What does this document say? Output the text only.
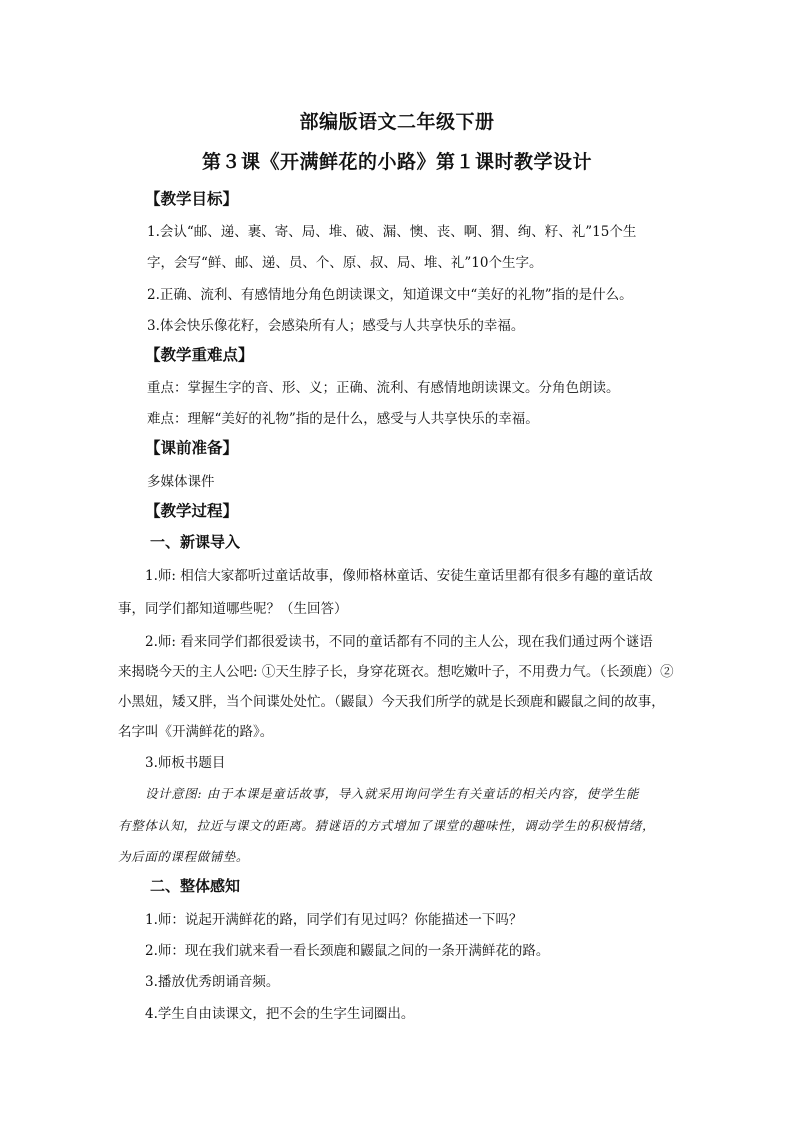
部编版语文二年级下册
第３课《开满鲜花的小路》第１课时教学设计
【教学目标】
1.会认“邮、递、裹、寄、局、堆、破、漏、懊、丧、啊、猬、绚、籽、礼”15个生
字，会写“鲜、邮、递、员、个、原、叔、局、堆、礼”10个生字。
2.正确、流利、有感情地分角色朗读课文，知道课文中“美好的礼物”指的是什么。
3.体会快乐像花籽，会感染所有人；感受与人共享快乐的幸福。
【教学重难点】
重点：掌握生字的音、形、义；正确、流利、有感情地朗读课文。分角色朗读。
难点：理解“美好的礼物”指的是什么，感受与人共享快乐的幸福。
【课前准备】
多媒体课件
【教学过程】
一、新课导入
1.师: 相信大家都听过童话故事，像师格林童话、安徒生童话里都有很多有趣的童话故
事，同学们都知道哪些呢？（生回答）
2.师: 看来同学们都很爱读书，不同的童话都有不同的主人公，现在我们通过两个谜语
来揭晓今天的主人公吧: ①天生脖子长，身穿花斑衣。想吃嫩叶子，不用费力气。（长颈鹿）②
小黑妞，矮又胖，当个间谍处处忙。（鼹鼠）今天我们所学的就是长颈鹿和鼹鼠之间的故事，
名字叫《开满鲜花的路》。
3.师板书题目
设计意图: 由于本课是童话故事，导入就采用询问学生有关童话的相关内容，使学生能
有整体认知，拉近与课文的距离。猜谜语的方式增加了课堂的趣味性，调动学生的积极情绪，
为后面的课程做铺垫。
二、整体感知
1.师：说起开满鲜花的路，同学们有见过吗？你能描述一下吗？
2.师：现在我们就来看一看长颈鹿和鼹鼠之间的一条开满鲜花的路。
3.播放优秀朗诵音频。
4.学生自由读课文，把不会的生字生词圈出。
